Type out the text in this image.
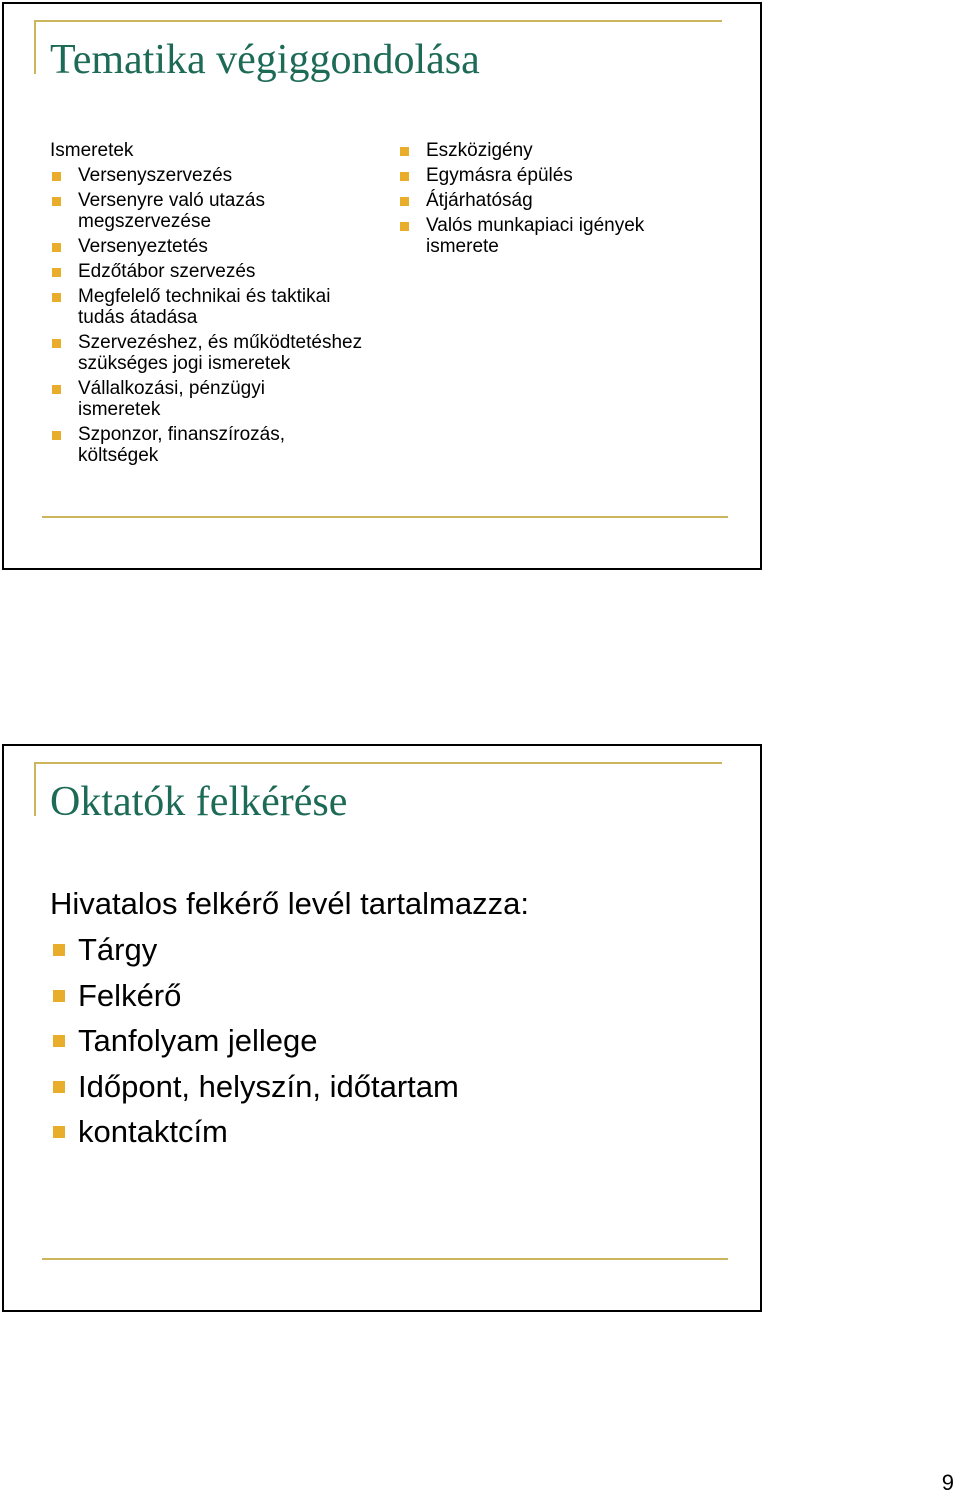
Tematika végiggondolása
Ismeretek
Versenyszervezés
Versenyre való utazás megszervezése
Versenyeztetés
Edzőtábor szervezés
Megfelelő technikai és taktikai tudás átadása
Szervezéshez, és működtetéshez szükséges jogi ismeretek
Vállalkozási, pénzügyi ismeretek
Szponzor, finanszírozás, költségek
Eszközigény
Egymásra épülés
Átjárhatóság
Valós munkapiaci igények ismerete
Oktatók felkérése
Hivatalos felkérő levél tartalmazza:
Tárgy
Felkérő
Tanfolyam jellege
Időpont, helyszín, időtartam
kontaktcím
9
